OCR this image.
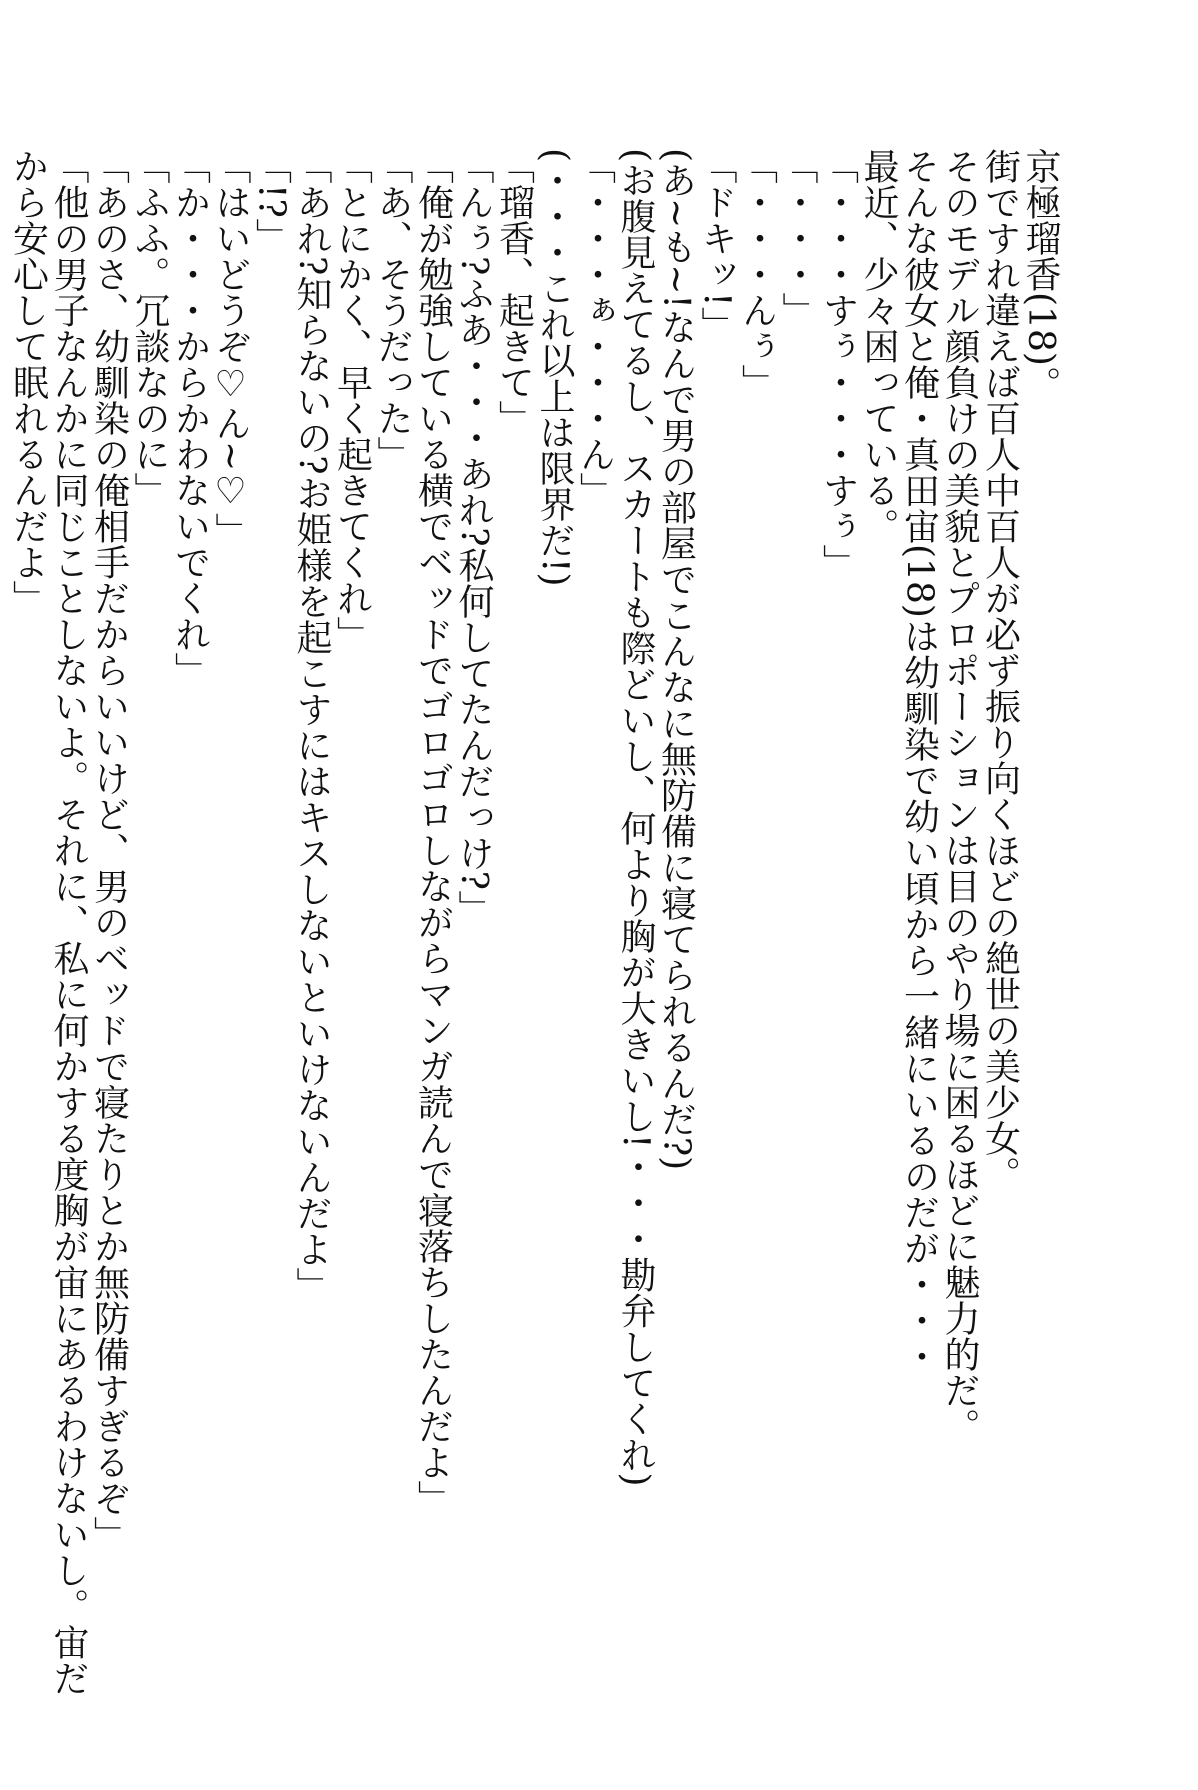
京極瑠香(18)。

街ですれ違えば百人中百人が必ず振り向くほどの絶世の美少女。

そのモデル顔負けの美貌とプロポーションは目のやり場に困るほどに魅力的だ。

そんな彼女と俺・真田宙(18)は幼馴染で幼い頃から一緒にいるのだが・・・

最近、少々困っている。

「・・・すぅ・・・すぅ」

「・・・」

「・・・んぅ」

「ドキッ!」

(あ~も~!なんで男の部屋でこんなに無防備に寝てられるんだ?)

(お腹見えてるし、スカートも際どいし、何より胸が大きいし!・・・勘弁してくれ)

「・・・ぁ・・・ん」

(・・・これ以上は限界だ!)

「瑠香、起きて」

「んぅ?ふあ・・・あれ?私何してたんだっけ?」

「俺が勉強している横でベッドでゴロゴロしながらマンガ読んで寝落ちしたんだよ」

「あ、そうだった」

「とにかく、早く起きてくれ」

「あれ?知らないの?お姫様を起こすにはキスしないといけないんだよ」

「!?」

「はいどうぞ♡ん~♡」

「か・・・からかわないでくれ」

「ふふ。冗談なのに」

「あのさ、幼馴染の俺相手だからいいけど、男のベッドで寝たりとか無防備すぎるぞ」

「他の男子なんかに同じことしないよ。それに、私に何かする度胸が宙にあるわけないし。宙だから安心して眠れるんだよ」
